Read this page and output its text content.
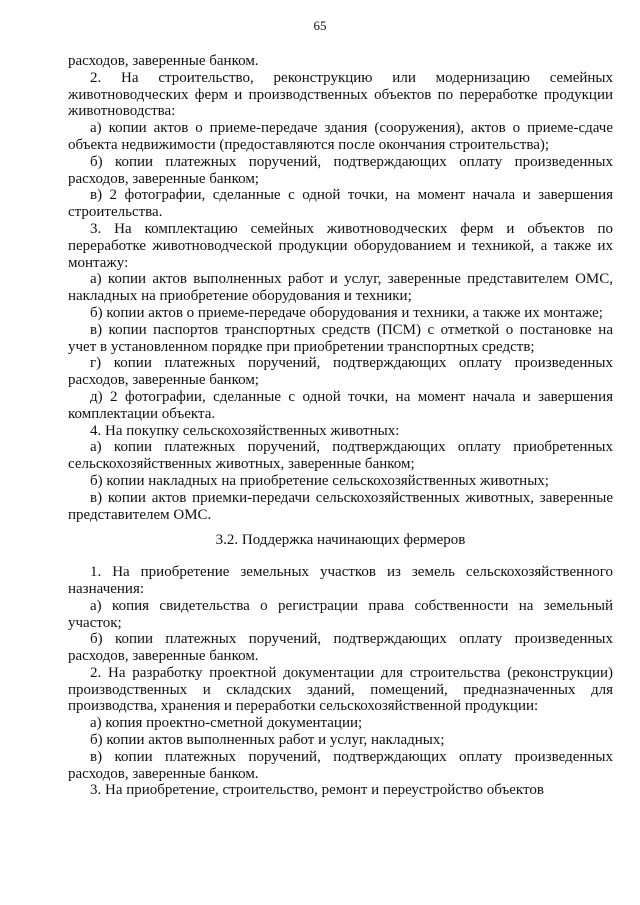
65

расходов, заверенные банком.

2. На строительство, реконструкцию или модернизацию семейных животноводческих ферм и производственных объектов по переработке продукции животноводства:

а) копии актов о приеме-передаче здания (сооружения), актов о приеме-сдаче объекта недвижимости (предоставляются после окончания строительства);

б) копии платежных поручений, подтверждающих оплату произведенных расходов, заверенные банком;

в) 2 фотографии, сделанные с одной точки, на момент начала и завершения строительства.

3. На комплектацию семейных животноводческих ферм и объектов по переработке животноводческой продукции оборудованием и техникой, а также их монтажу:

а) копии актов выполненных работ и услуг, заверенные представителем ОМС, накладных на приобретение оборудования и техники;

б) копии актов о приеме-передаче оборудования и техники, а также их монтаже;

в) копии паспортов транспортных средств (ПСМ) с отметкой о постановке на учет в установленном порядке при приобретении транспортных средств;

г) копии платежных поручений, подтверждающих оплату произведенных расходов, заверенные банком;

д) 2 фотографии, сделанные с одной точки, на момент начала и завершения комплектации объекта.

4. На покупку сельскохозяйственных животных:

а) копии платежных поручений, подтверждающих оплату приобретенных сельскохозяйственных животных, заверенные банком;

б) копии накладных на приобретение сельскохозяйственных животных;

в) копии актов приемки-передачи сельскохозяйственных животных, заверенные представителем ОМС.

3.2. Поддержка начинающих фермеров

1. На приобретение земельных участков из земель сельскохозяйственного назначения:

а) копия свидетельства о регистрации права собственности на земельный участок;

б) копии платежных поручений, подтверждающих оплату произведенных расходов, заверенные банком.

2. На разработку проектной документации для строительства (реконструкции) производственных и складских зданий, помещений, предназначенных для производства, хранения и переработки сельскохозяйственной продукции:

а) копия проектно-сметной документации;

б) копии актов выполненных работ и услуг, накладных;

в) копии платежных поручений, подтверждающих оплату произведенных расходов, заверенные банком.

3. На приобретение, строительство, ремонт и переустройство объектов
